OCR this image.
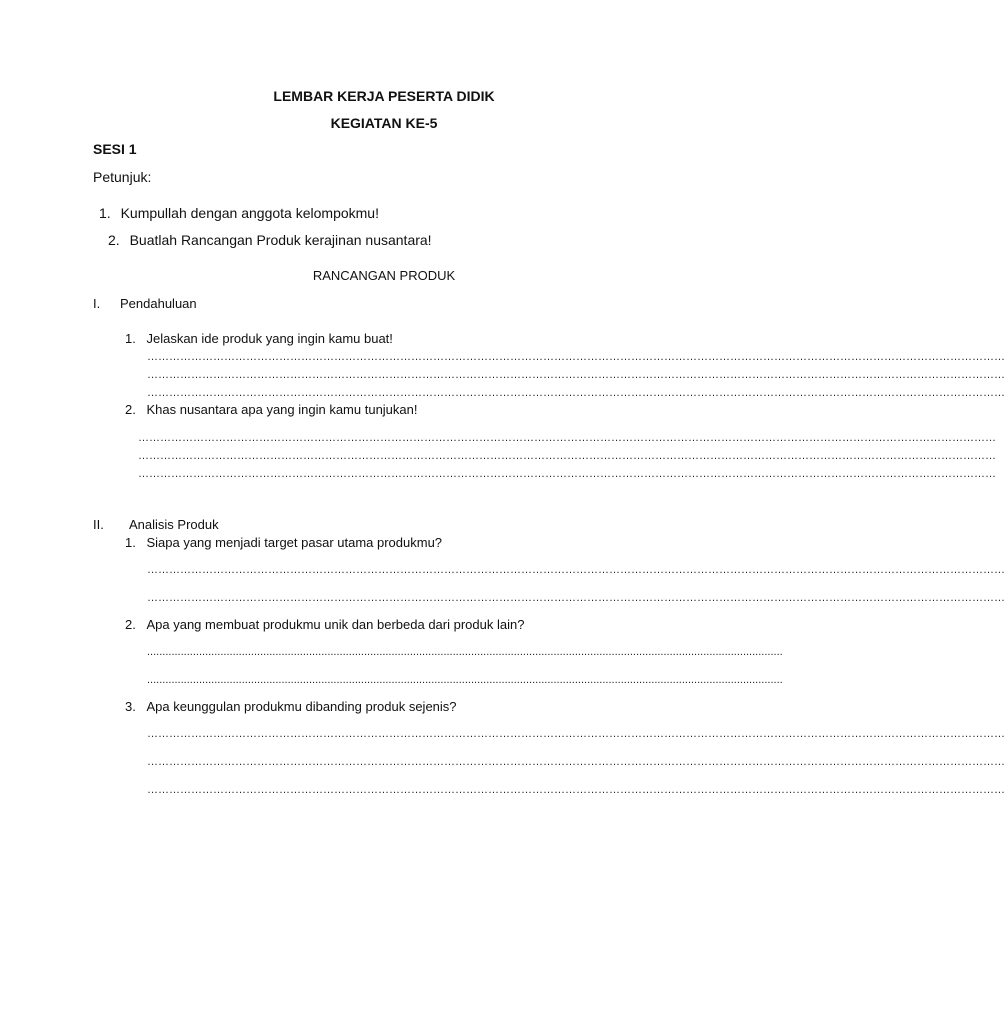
LEMBAR KERJA PESERTA DIDIK
KEGIATAN KE-5
SESI 1
Petunjuk:
1. Kumpullah dengan anggota kelompokmu!
2. Buatlah Rancangan Produk kerajinan nusantara!
RANCANGAN PRODUK
I. Pendahuluan
1. Jelaskan ide produk yang ingin kamu buat!
………………………………………………………………………………………………………………………………………………………………………………………………………………
………………………………………………………………………………………………………………………………………………………………………………………………………………
………………………………………………………………………………………………………………………………………………………………………………………………………………
2. Khas nusantara apa yang ingin kamu tunjukan!
………………………………………………………………………………………………………………………………………………………………………………………………………………
………………………………………………………………………………………………………………………………………………………………………………………………………………
………………………………………………………………………………………………………………………………………………………………………………………………………………
II. Analisis Produk
1. Siapa yang menjadi target pasar utama produkmu?
………………………………………………………………………………………………………………………………………………………………………………………………………………
………………………………………………………………………………………………………………………………………………………………………………………………………………
2. Apa yang membuat produkmu unik dan berbeda dari produk lain?
................................................................................................................................................................................................................
................................................................................................................................................................................................................
3. Apa keunggulan produkmu dibanding produk sejenis?
………………………………………………………………………………………………………………………………………………………………………………………………………………
………………………………………………………………………………………………………………………………………………………………………………………………………………
………………………………………………………………………………………………………………………………………………………………………………………………………………
